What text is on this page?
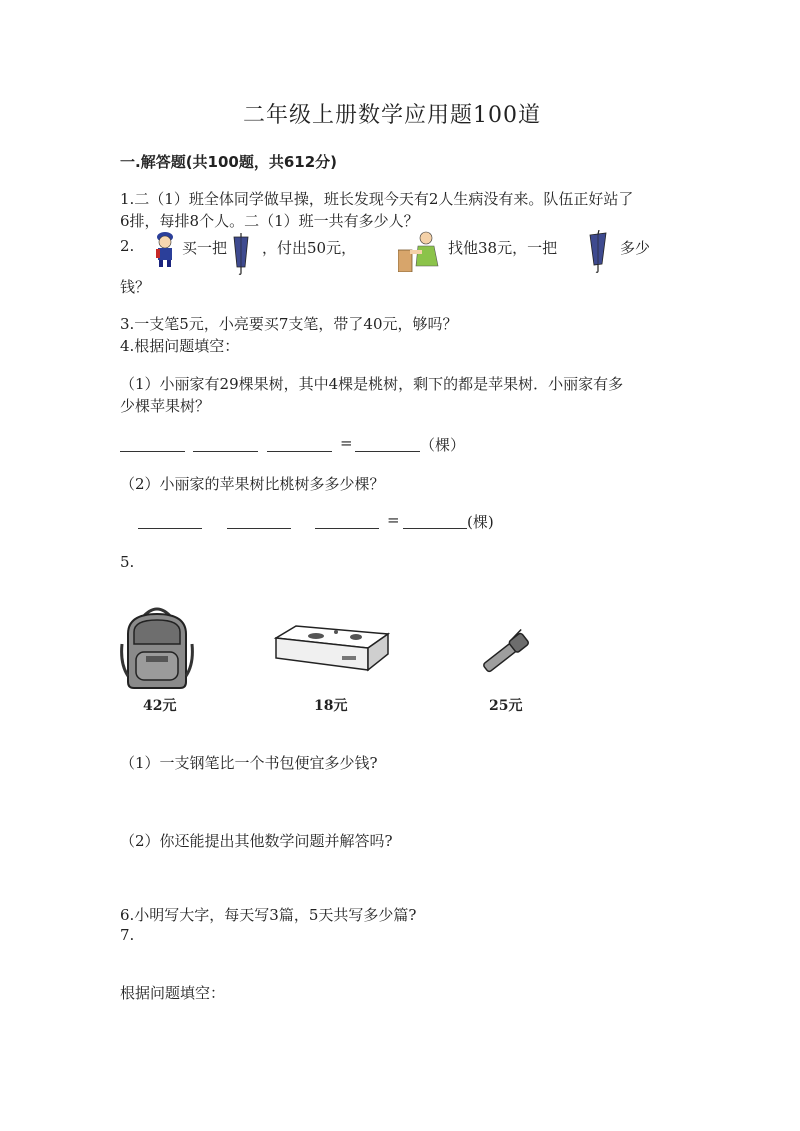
二年级上册数学应用题100道
一.解答题(共100题，共612分)
1.二（1）班全体同学做早操，班长发现今天有2人生病没有来。队伍正好站了
6排，每排8个人。二（1）班一共有多少人？
2.	买一把 ，付出50元，	找他38元，一把	多少
钱？
3.一支笔5元，小亮要买7支笔，带了40元，够吗？
4.根据问题填空：
（1）小丽家有29棵果树，其中4棵是桃树，剩下的都是苹果树．小丽家有多
少棵苹果树？
=	（棵）
（2）小丽家的苹果树比桃树多多少棵？
=	(棵)
5.
42元	18元	25元
（1）一支钢笔比一个书包便宜多少钱?
（2）你还能提出其他数学问题并解答吗?
6.小明写大字，每天写3篇，5天共写多少篇?
7.
根据问题填空：
